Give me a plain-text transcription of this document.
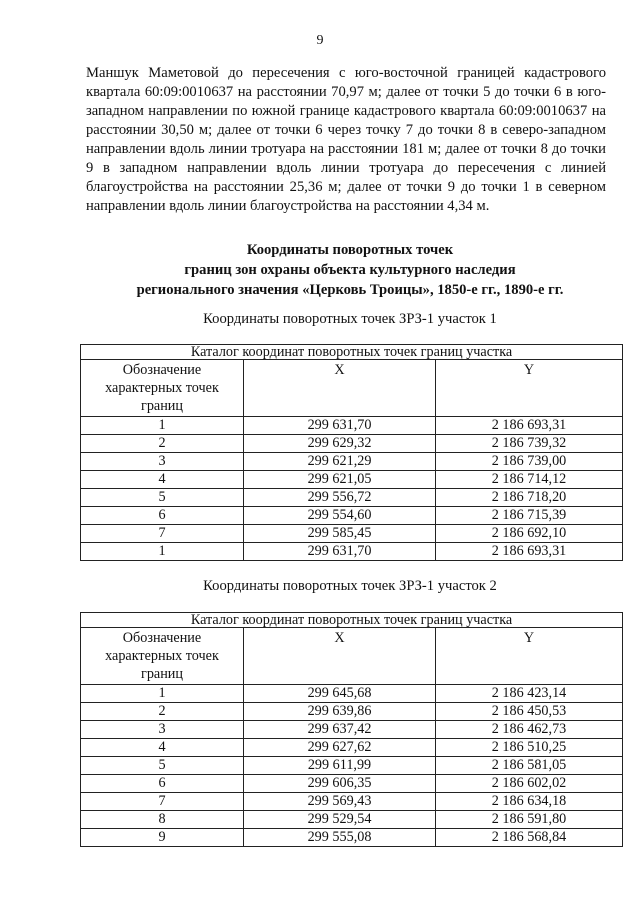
9

Маншук Маметовой до пересечения с юго-восточной границей кадастрового квартала 60:09:0010637 на расстоянии 70,97 м; далее от точки 5 до точки 6 в юго-западном направлении по южной границе кадастрового квартала 60:09:0010637 на расстоянии 30,50 м; далее от точки 6 через точку 7 до точки 8 в северо-западном направлении вдоль линии тротуара на расстоянии 181 м; далее от точки 8 до точки 9 в западном направлении вдоль линии тротуара до пересечения с линией благоустройства на расстоянии 25,36 м; далее от точки 9 до точки 1 в северном направлении вдоль линии благоустройства на расстоянии 4,34 м.

Координаты поворотных точек
границ зон охраны объекта культурного наследия
регионального значения «Церковь Троицы», 1850-е гг., 1890-е гг.
Координаты поворотных точек ЗРЗ-1 участок 1
Каталог координат поворотных точек границ участка		
Обозначение характерных точек границ	X	Y
1	299 631,70	2 186 693,31
2	299 629,32	2 186 739,32
3	299 621,29	2 186 739,00
4	299 621,05	2 186 714,12
5	299 556,72	2 186 718,20
6	299 554,60	2 186 715,39
7	299 585,45	2 186 692,10
1	299 631,70	2 186 693,31
Координаты поворотных точек ЗРЗ-1 участок 2
Каталог координат поворотных точек границ участка		
Обозначение характерных точек границ	X	Y
1	299 645,68	2 186 423,14
2	299 639,86	2 186 450,53
3	299 637,42	2 186 462,73
4	299 627,62	2 186 510,25
5	299 611,99	2 186 581,05
6	299 606,35	2 186 602,02
7	299 569,43	2 186 634,18
8	299 529,54	2 186 591,80
9	299 555,08	2 186 568,84
